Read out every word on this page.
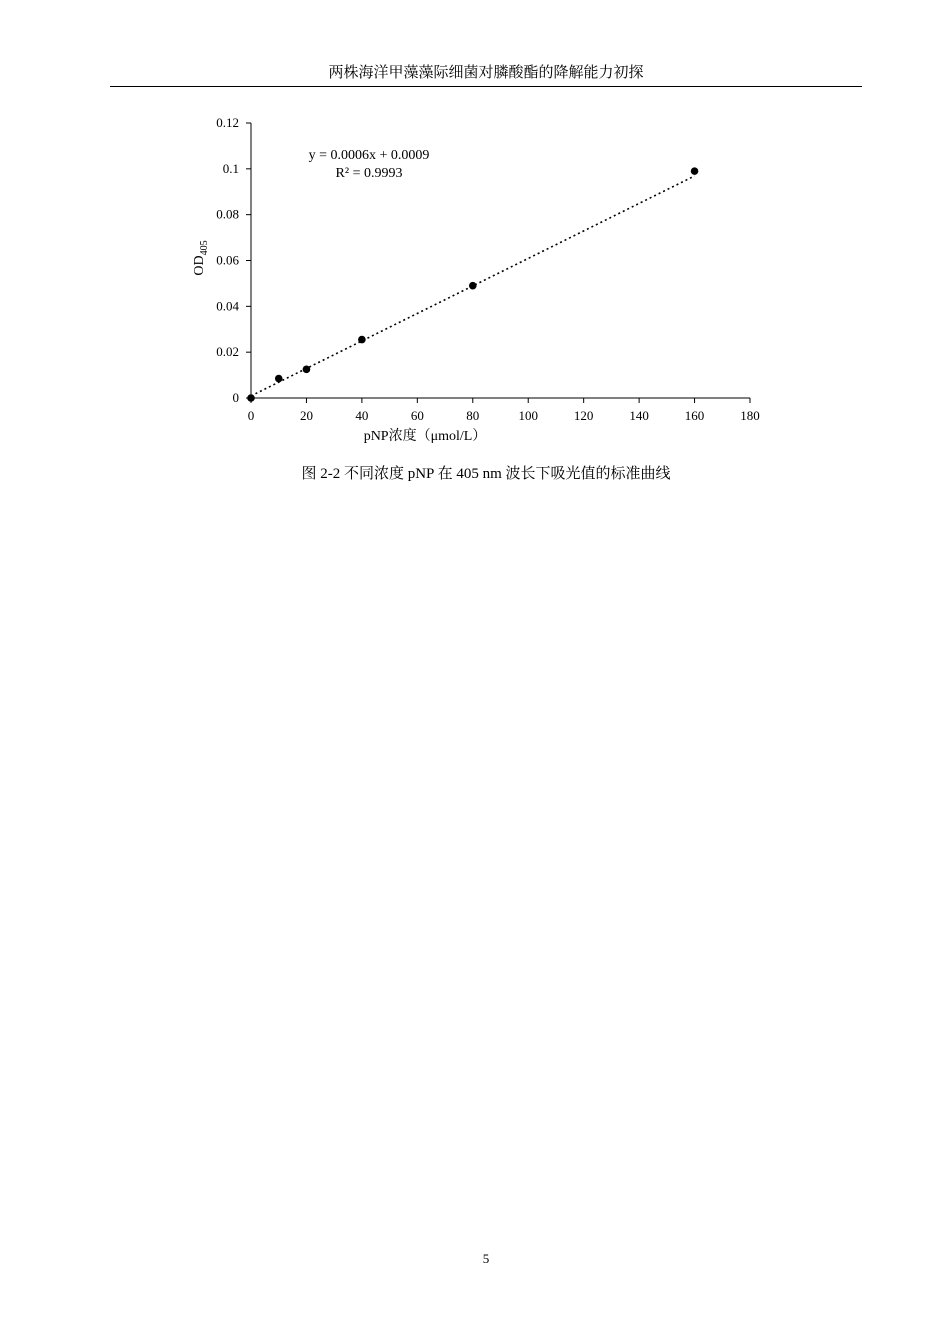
两株海洋甲藻藻际细菌对膦酸酯的降解能力初探
0	20	40	60	80	100	120	140	160	180
0
0.02
0.04
0.06
0.08
0.1
0.12
y = 0.0006x + 0.0009
R² = 0.9993
pNP浓度（μmol/L）
$OD_{405}$
图 2-2 不同浓度 pNP 在 405 nm 波长下吸光值的标准曲线
5
